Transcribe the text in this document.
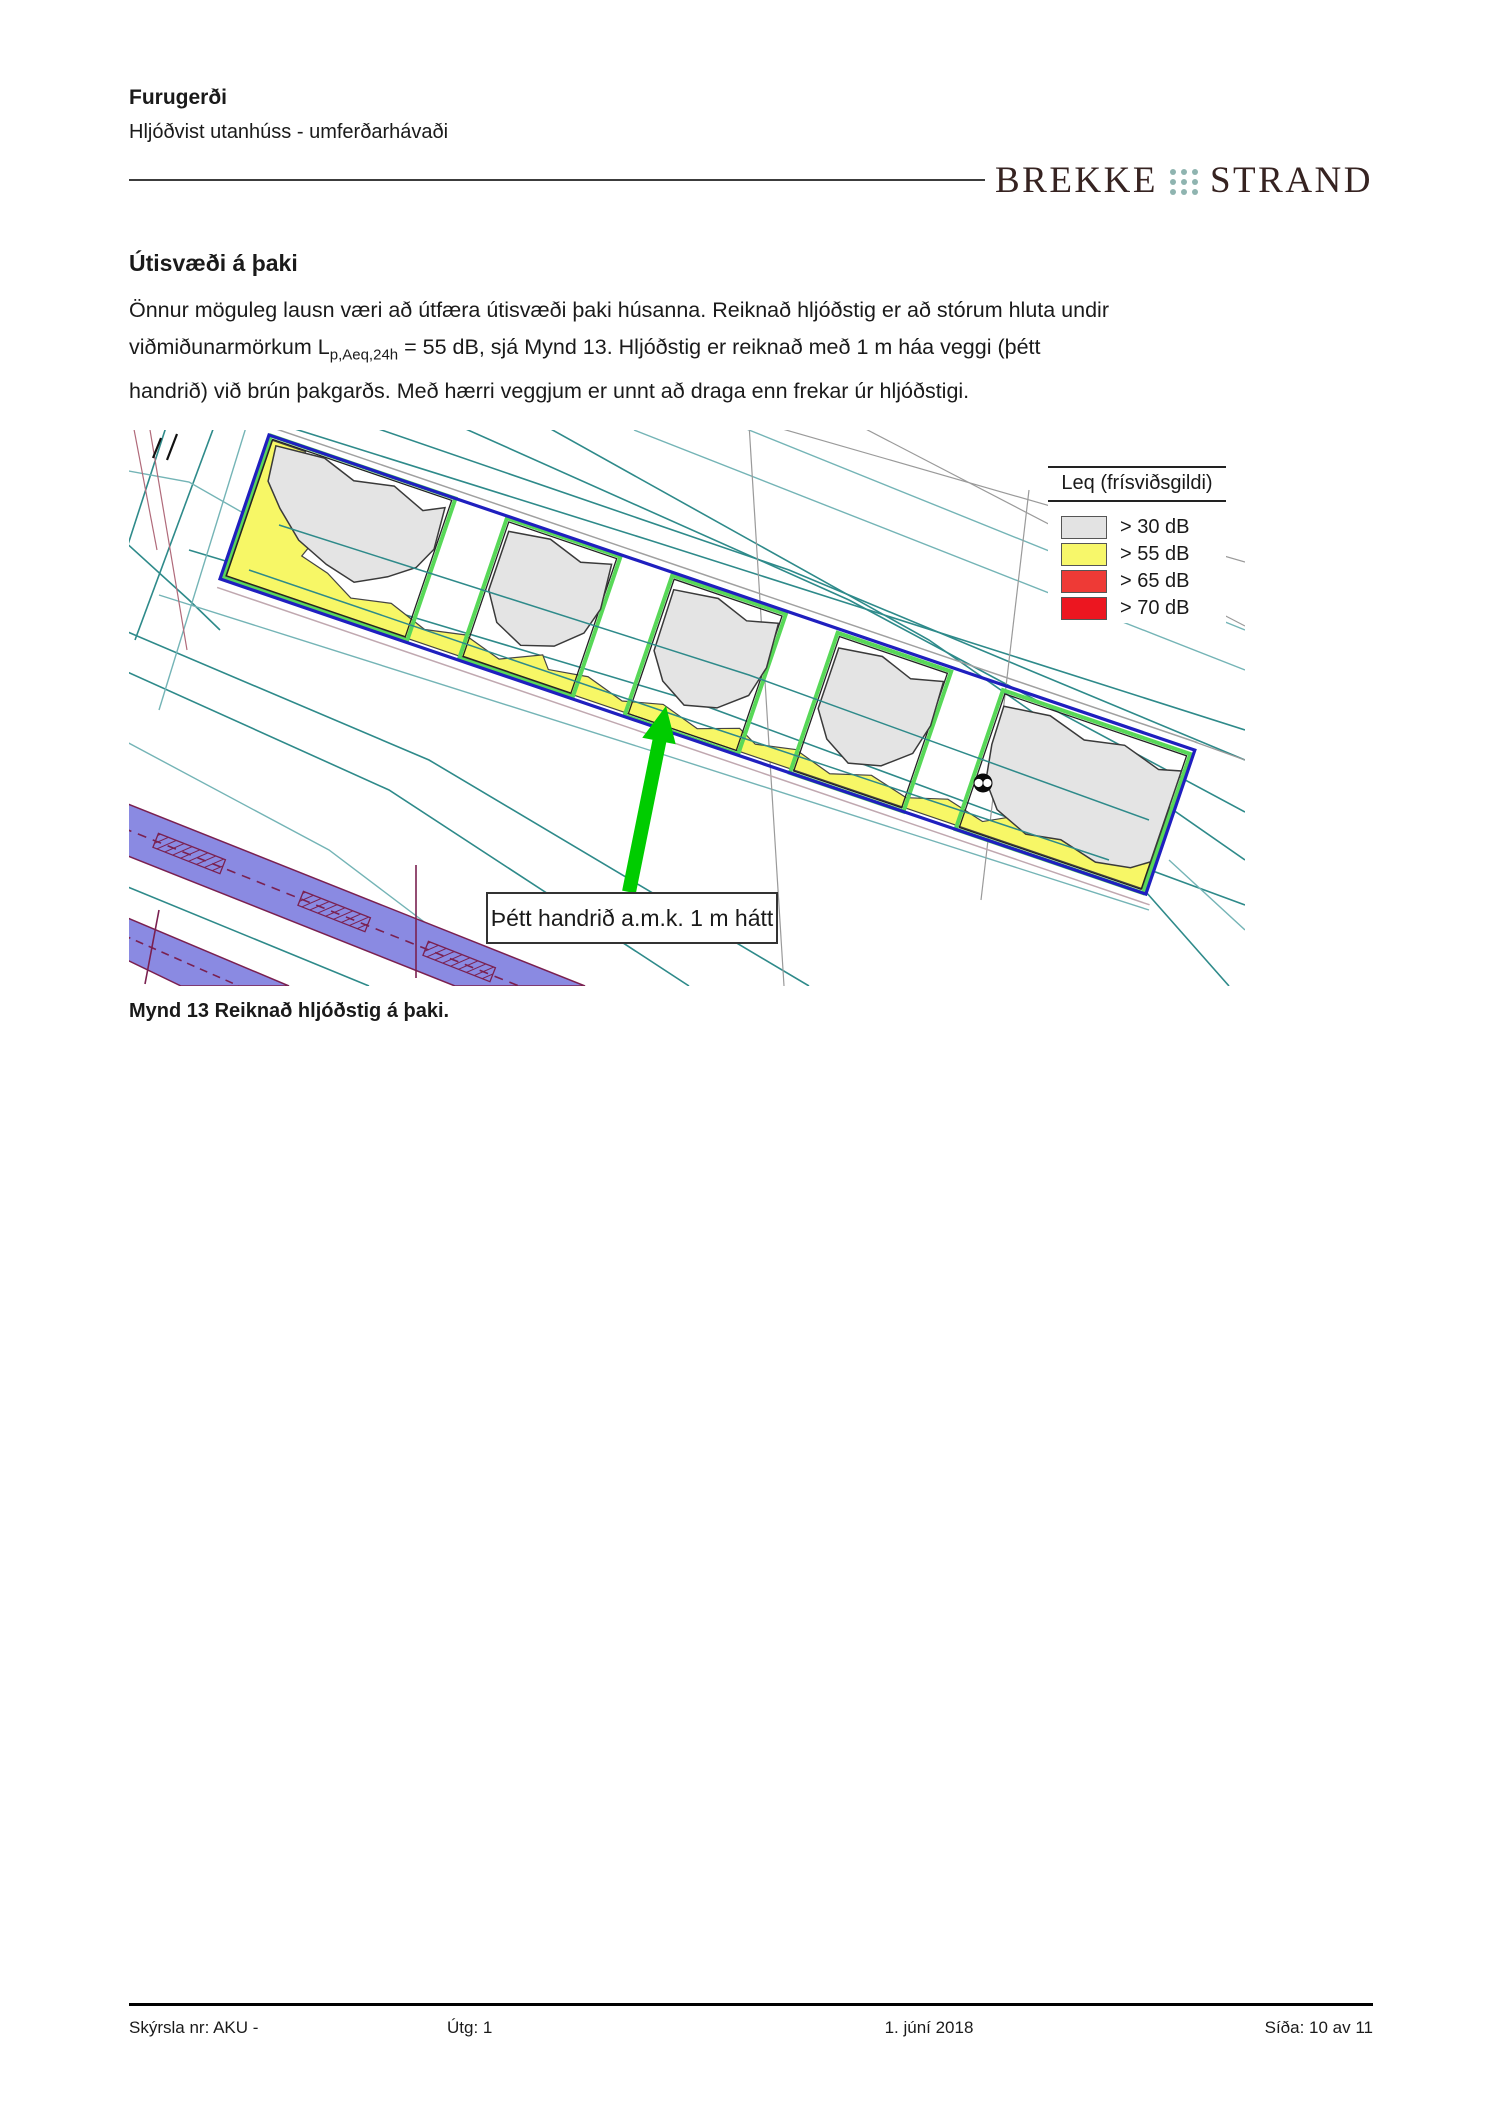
Furugerði
Hljóðvist utanhúss - umferðarhávaði
BREKKE STRAND
Útisvæði á þaki

Önnur möguleg lausn væri að útfæra útisvæði þaki húsanna. Reiknað hljóðstig er að stórum hluta undir
viðmiðunarmörkum $L_{p,Aeq,24h} = 55$ dB, sjá Mynd 13. Hljóðstig er reiknað með 1 m háa veggi (þétt
handrið) við brún þakgarðs. Með hærri veggjum er unnt að draga enn frekar úr hljóðstigi.

Leq (frísviðsgildi)
> 30 dB
> 55 dB
> 65 dB
> 70 dB
Þétt handrið a.m.k. 1 m hátt
Mynd 13 Reiknað hljóðstig á þaki.
Skýrsla nr: AKU -	Útg: 1	1. júní 2018	Síða: 10 av 11
